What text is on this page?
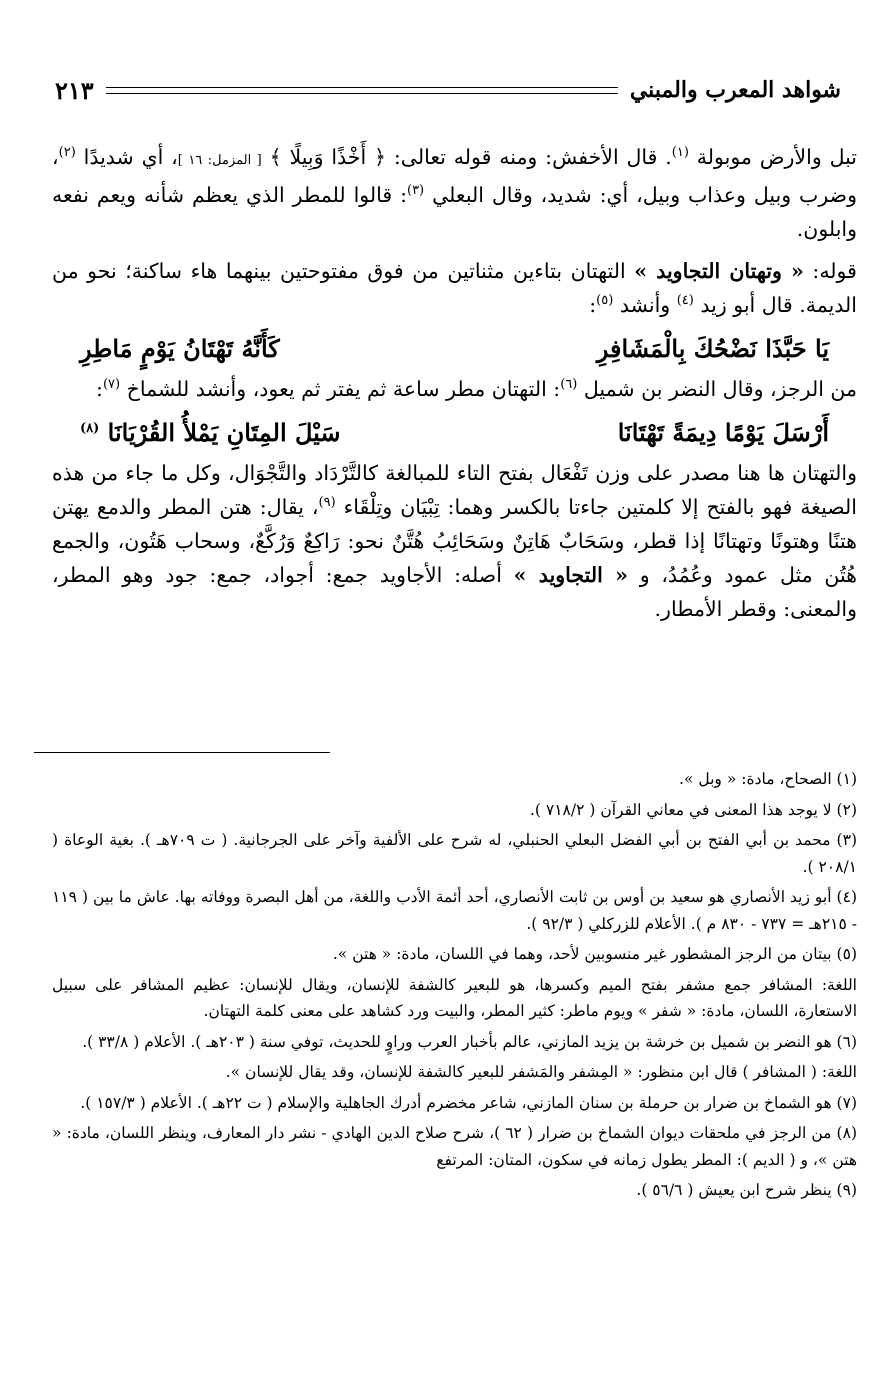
شواهد المعرب والمبني
٢١٣

تبل والأرض موبولة $^{(١)}$. قال الأخفش: ومنه قوله تعالى: ﴿ أَخْذًا وَبِيلًا ﴾ [ المزمل: ١٦ ]، أي شديدًا $^{(٢)}$، وضرب وبيل وعذاب وبيل، أي: شديد، وقال البعلي $^{(٣)}$: قالوا للمطر الذي يعظم شأنه ويعم نفعه وابلون.

قوله: « وتهتان التجاويد » التهتان بتاءين مثناتين من فوق مفتوحتين بينهما هاء ساكنة؛ نحو من الديمة. قال أبو زيد $^{(٤)}$ وأنشد $^{(٥)}$:

يَا حَبَّذَا نَضْحُكَ بِالْمَشَافِرِ
كَأَنَّهُ تَهْتَانُ يَوْمٍ مَاطِرِ

من الرجز، وقال النضر بن شميل $^{(٦)}$: التهتان مطر ساعة ثم يفتر ثم يعود، وأنشد للشماخ $^{(٧)}$:

أَرْسَلَ يَوْمًا دِيمَةً تَهْتَانَا
سَيْلَ المِتَانِ يَمْلأُ القُرْيَانَا $^{(٨)}$

والتهتان ها هنا مصدر على وزن تَفْعَال بفتح التاء للمبالغة كالتَّرْدَاد والتَّجْوَال، وكل ما جاء من هذه الصيغة فهو بالفتح إلا كلمتين جاءتا بالكسر وهما: تِبْيَان وتِلْقَاء $^{(٩)}$، يقال: هتن المطر والدمع يهتن هتنًا وهتونًا وتهتانًا إذا قطر، وسَحَابٌ هَاتِنٌ وسَحَائِبُ هُتَّنٌ نحو: رَاكِعٌ وَرُكَّعٌ، وسحاب هَتُون، والجمع هُتُن مثل عمود وعُمُدُ، و « التجاويد » أصله: الأجاويد جمع: أجواد، جمع: جود وهو المطر، والمعنى: وقطر الأمطار.

(١) الصحاح، مادة: « وبل ».

(٢) لا يوجد هذا المعنى في معاني القرآن ( ٧١٨/٢ ).

(٣) محمد بن أبي الفتح بن أبي الفضل البعلي الحنبلي، له شرح على الألفية وآخر على الجرجانية. ( ت ٧٠٩هـ ). بغية الوعاة ( ٢٠٨/١ ).

(٤) أبو زيد الأنصاري هو سعيد بن أوس بن ثابت الأنصاري، أحد أئمة الأدب واللغة، من أهل البصرة ووفاته بها. عاش ما بين ( ١١٩ - ٢١٥هـ = ٧٣٧ - ٨٣٠ م ). الأعلام للزركلي ( ٩٢/٣ ).

(٥) بيتان من الرجز المشطور غير منسوبين لأحد، وهما في اللسان، مادة: « هتن ».

اللغة: المشافر جمع مشفر بفتح الميم وكسرها، هو للبعير كالشفة للإنسان، ويقال للإنسان: عظيم المشافر على سبيل الاستعارة، اللسان، مادة: « شفر » ويوم ماطر: كثير المطر، والبيت ورد كشاهد على معنى كلمة التهتان.

(٦) هو النضر بن شميل بن خرشة بن يزيد المازني، عالم بأخبار العرب وراوٍ للحديث، توفي سنة ( ٢٠٣هـ ). الأعلام ( ٣٣/٨ ).

اللغة: ( المشافر ) قال ابن منظور: « المِشفر والمَشفر للبعير كالشفة للإنسان، وقد يقال للإنسان ».

(٧) هو الشماخ بن ضرار بن حرملة بن سنان المازني، شاعر مخضرم أدرك الجاهلية والإسلام ( ت ٢٢هـ ). الأعلام ( ١٥٧/٣ ).

(٨) من الرجز في ملحقات ديوان الشماخ بن ضرار ( ٦٢ )، شرح صلاح الدين الهادي - نشر دار المعارف، وينظر اللسان، مادة: « هتن »، و ( الديم ): المطر يطول زمانه في سكون، المتان: المرتفع

(٩) ينظر شرح ابن يعيش ( ٥٦/٦ ).
